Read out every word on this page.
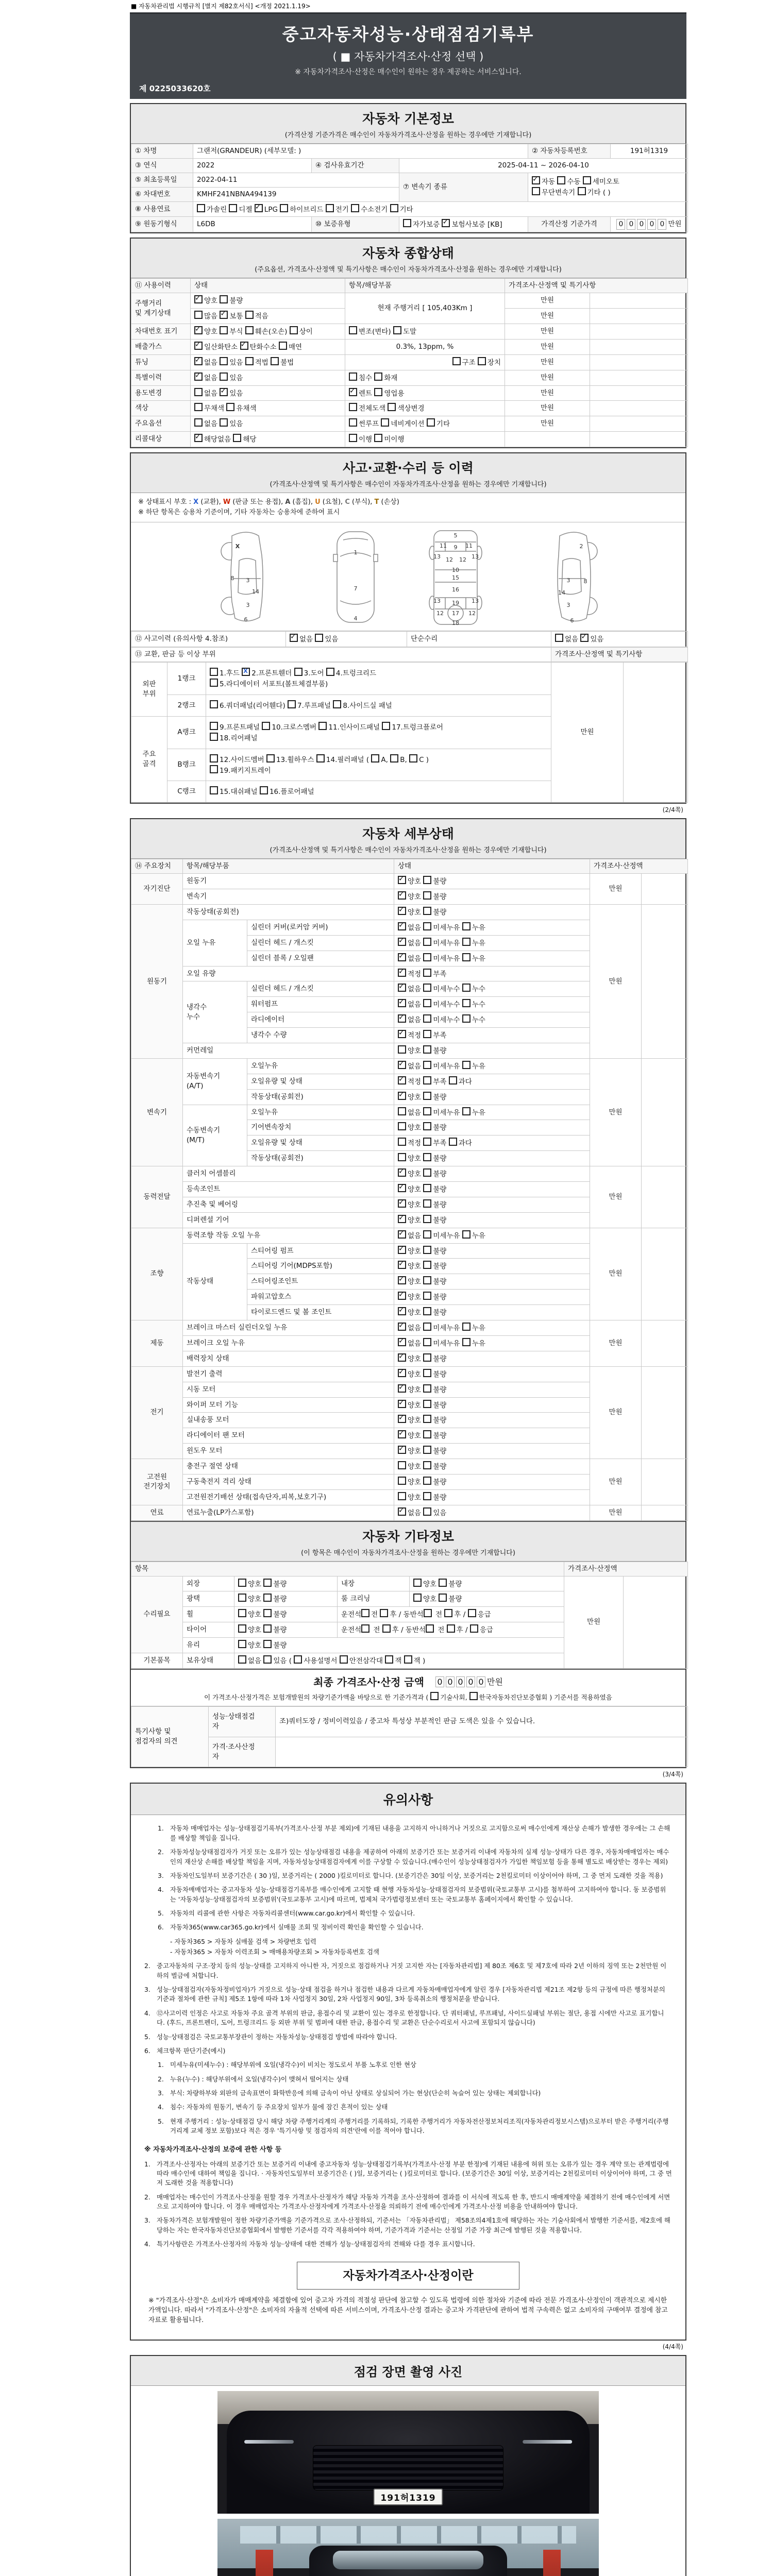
■ 자동차관리법 시행규칙 [별지 제82호서식] <개정 2021.1.19>
중고자동차성능·상태점검기록부
( ■ 자동차가격조사·산정 선택 )
※ 자동차가격조사·산정은 매수인이 원하는 경우 제공하는 서비스입니다.
제 0225033620호
자동차 기본정보
(가격산정 기준가격은 매수인이 자동차가격조사·산정을 원하는 경우에만 기재합니다)
① 차명	그랜저(GRANDEUR) (세부모델: )			② 자동차등록번호	191허1319
③ 연식	2022	④ 검사유효기간	2025-04-11 ~ 2026-04-10		
⑤ 최초등록일	2022-04-11		⑦ 변속기 종류	✓자동 수동 세미오토
무단변속기 기타 ( )
⑥ 차대번호	KMHF241NBNA494139				
⑧ 사용연료	가솔린 디젤 ✓LPG 하이브리드 전기 수소전기 기타
⑨ 원동기형식	L6DB	⑩ 보증유형	자가보증 ✓보험사보증 [KB]	가격산정 기준가격	0 0 0 0 0 만원
자동차 종합상태
(주요옵션, 가격조사·산정액 및 특기사항은 매수인이 자동차가격조사·산정을 원하는 경우에만 기재합니다)
⑪ 사용이력	상태	항목/해당부품	가격조사·산정액 및 특기사항	
주행거리
및 계기상태	✓양호 불량	현재 주행거리 [ 105,403Km ]	만원	
	많음 ✓보통 적음		만원	
차대번호 표기	✓양호 부식 훼손(오손) 상이	변조(변타) 도말	만원	
배출가스	✓일산화탄소 ✓탄화수소 매연	0.3%, 13ppm, %	만원	
튜닝	✓없음 있음 적법 불법	구조 장치	만원	
특별이력	✓없음 있음	침수 화재	만원	
용도변경	없음 ✓있음	✓렌트 영업용	만원	
색상	무채색 유채색	전체도색 색상변경	만원	
주요옵션	없음 있음	썬루프 네비게이션 기타	만원	
리콜대상	✓해당없음 해당	이행 미이행		
사고·교환·수리 등 이력
(가격조사·산정액 및 특기사항은 매수인이 자동차가격조사·산정을 원하는 경우에만 기재합니다)
※ 상태표시 부호 : X (교환), W (판금 또는 용접), A (흠집), U (요철), C (부식), T (손상)
※ 하단 항목은 승용차 기준이며, 기타 자동차는 승용차에 준하여 표시
X
8 3
14
3
6
1
7
4
5
11 9 11
13 12 12 13
10
15
16
13 19 13
12 17 12
18
2
3 8
14
3
6
⑫ 사고이력 (유의사항 4.참조)	✓없음 있음	단순수리	없음 ✓있음
⑬ 교환, 판금 등 이상 부위	가격조사·산정액 및 특기사항
외판
부위	1랭크	1.후드 X2.프론트휀더 3.도어 4.트렁크리드
5.라디에이터 서포트(볼트체결부품)	만원	
	2랭크	6.쿼더패널(리어휀다) 7.루프패널 8.사이드실 패널		
주요
골격	A랭크	9.프론트패널 10.크로스멤버 11.인사이드패널 17.트렁크플로어
18.리어패널		
	B랭크	12.사이드멤버 13.휠하우스 14.필러패널 ( A, B, C )
19.패키지트레이		
	C랭크	15.대쉬패널 16.플로어패널		
(2/4쪽)
자동차 세부상태
(가격조사·산정액 및 특기사항은 매수인이 자동차가격조사·산정을 원하는 경우에만 기재합니다)
⑭ 주요장치	항목/해당부품		상태	가격조사·산정액	
자기진단	원동기	✓양호 불량	만원	
	변속기	✓양호 불량
원동기	작동상태(공회전)	✓양호 불량	만원	
	오일 누유	실린더 커버(로커암 커버)	✓없음 미세누유 누유
		실린더 헤드 / 개스킷	✓없음 미세누유 누유
		실린더 블록 / 오일팬	✓없음 미세누유 누유
	오일 유량	✓적정 부족
	냉각수
누수	실린더 헤드 / 개스킷	✓없음 미세누수 누수
		워터펌프	✓없음 미세누수 누수
		라디에이터	✓없음 미세누수 누수
		냉각수 수량	✓적정 부족
	커먼레일		양호 불량		
변속기	자동변속기
(A/T)	오일누유	✓없음 미세누유 누유	만원	
		오일유량 및 상태	✓적정 부족 과다
		작동상태(공회전)	✓양호 불량
	수동변속기
(M/T)	오일누유	없음 미세누유 누유		
		기어변속장치	양호 불량		
		오일유량 및 상태	적정 부족 과다		
		작동상태(공회전)	양호 불량		
동력전달	클러치 어셈블리	✓양호 불량	만원	
	등속조인트	✓양호 불량
	추진축 및 베어링	✓양호 불량
	디퍼렌셜 기어	✓양호 불량
조향	동력조향 작동 오일 누유	✓없음 미세누유 누유	만원	
	작동상태	스티어링 펌프	✓양호 불량
		스티어링 기어(MDPS포함)	✓양호 불량
		스티어링조인트	✓양호 불량
		파워고압호스	✓양호 불량
		타이로드엔드 및 볼 조인트	✓양호 불량
제동	브레이크 마스터 실린더오일 누유	✓없음 미세누유 누유	만원	
	브레이크 오일 누유	✓없음 미세누유 누유
	배력장치 상태	✓양호 불량
전기	발전기 출력	✓양호 불량	만원	
	시동 모터	✓양호 불량
	와이퍼 모터 기능	✓양호 불량
	실내송풍 모터	✓양호 불량
	라디에이터 팬 모터	✓양호 불량
	윈도우 모터	✓양호 불량
고전원
전기장치	충전구 절연 상태		양호 불량	만원	
	구동축전지 격리 상태		양호 불량		
	고전원전기배선 상태(접속단자,피복,보호기구)		양호 불량		
연료	연료누출(LP가스포함)	✓없음 있음	만원	
자동차 기타정보
(이 항목은 매수인이 자동차가격조사·산정을 원하는 경우에만 기재합니다)
항목					가격조사·산정액	
수리필요	외장	양호 불량	내장	양호 불량	만원	
	광택	양호 불량	룸 크리닝	양호 불량		
	휠	양호 불량	운전석 전 후 / 동반석 전 후 / 응급			
	타이어	양호 불량	운전석 전 후 / 동반석 전 후 / 응급			
	유리	양호 불량				
기본품목	보유상태	없음 있음 ( 사용설명서 안전삼각대 잭 잭 )				
최종 가격조사·산정 금액 0 0 0 0 0 만원
이 가격조사·산정가격은 보험개발원의 차량기준가액을 바탕으로 한 기준가격과 ( 기술사회, 한국자동차진단보증협회 ) 기준서를 적용하였음
특기사항 및
점검자의 의견	성능·상태점검
자	조)쿼터도장 / 정비이력있음 / 중고차 특성상 부분적인 판금 도색은 있을 수 있습니다.
	가격·조사산정
자	
(3/4쪽)
유의사항
1. 자동차 매매업자는 성능·상태점검기록부(가격조사·산정 부분 제외)에 기재된 내용을 고지하지 아니하거나 거짓으로 고지함으로써 매수인에게 재산상 손해가 발생한 경우에는 그 손해를 배상할 책임을 집니다.
2. 자동차성능상태점검자가 거짓 또는 오류가 있는 성능상태점검 내용을 제공하여 아래의 보증기간 또는 보증거리 이내에 자동차의 실제 성능·상태가 다른 경우, 자동차매매업자는 매수인의 재산상 손해를 배상할 책임을 지며, 자동차성능상태점검자에게 이를 구상할 수 있습니다.(매수인이 성능상태점검자가 가입한 책임보험 등을 통해 별도로 배상받는 경우는 제외)
3. 자동차인도일부터 보증기간은 ( 30 )일, 보증거리는 ( 2000 )킬로미터로 합니다. (보증기간은 30일 이상, 보증거리는 2천킬로미터 이상이어야 하며, 그 중 먼저 도래한 것을 적용)
4. 자동차매매업자는 중고자동차 성능·상태점검기록부를 매수인에게 고지할 때 현행 자동차성능·상태점검자의 보증범위(국토교통부 고시)를 첨부하여 고지하여야 합니다. 동 보증범위는 '자동차성능·상태점검자의 보증범위'(국토교통부 고시)에 따르며, 법제처 국가법령정보센터 또는 국토교통부 홈페이지에서 확인할 수 있습니다.
5. 자동차의 리콜에 관한 사항은 자동차리콜센터(www.car.go.kr)에서 확인할 수 있습니다.
6. 자동차365(www.car365.go.kr)에서 실매물 조회 및 정비이력 확인을 확인할 수 있습니다.
- 자동차365 > 자동차 실매물 검색 > 차량번호 입력
- 자동차365 > 자동차 이력조회 > 매매용차량조회 > 자동차등록번호 검색
2. 중고자동차의 구조·장치 등의 성능·상태를 고지하지 아니한 자, 거짓으로 점검하거나 거짓 고지한 자는 [자동차관리법] 제 80조 제6호 및 제7호에 따라 2년 이하의 징역 또는 2천만원 이하의 벌금에 처합니다.
3. 성능·상태점검자(자동차정비업자)가 거짓으로 성능·상태 점검을 하거나 점검한 내용과 다르게 자동차매매업자에게 알린 경우 [자동차관리법 제21조 제2항 등의 규정에 따른 행정처분의 기준과 절차에 관한 규칙] 제5조 1항에 따라 1차 사업정지 30일, 2차 사업정지 90일, 3차 등록취소의 행정처분을 받습니다.
4. ⑫사고이력 인정은 사고로 자동차 주요 골격 부위의 판금, 용접수리 및 교환이 있는 경우로 한정합니다. 단 쿼터패널, 루프패널, 사이드실패널 부위는 절단, 용접 시에만 사고로 표기합니다. (후드, 프론트펜더, 도어, 트렁크리드 등 외판 부위 및 범퍼에 대한 판금, 용접수리 및 교환은 단순수리로서 사고에 포함되지 않습니다)
5. 성능·상태점검은 국토교통부장관이 정하는 자동차성능·상태점검 방법에 따라야 합니다.
6. 체크항목 판단기준(예시)
1. 미세누유(미세누수) : 해당부위에 오일(냉각수)이 비치는 정도로서 부품 노후로 인한 현상
2. 누유(누수) : 해당부위에서 오일(냉각수)이 맺혀서 떨어지는 상태
3. 부식: 차량하부와 외판의 금속표면이 화학반응에 의해 금속이 아닌 상태로 상실되어 가는 현상(단순히 녹슬어 있는 상태는 제외합니다)
4. 침수: 자동차의 원동기, 변속기 등 주요장치 일부가 물에 잠긴 흔적이 있는 상태
5. 현재 주행거리 : 성능·상태점검 당시 해당 차량 주행거리계의 주행거리를 기록하되, 기록한 주행거리가 자동차전산정보처리조직(자동차관리정보시스템)으로부터 받은 주행거리(주행거리계 교체 정보 포함)보다 적은 경우 '특기사항 및 점검자의 의견'란에 이를 적어야 합니다.
※ 자동차가격조사·산정의 보증에 관한 사항 등
1. 가격조사·산정자는 아래의 보증기간 또는 보증거리 이내에 중고자동차 성능·상태점검기록부(가격조사·산정 부분 한정)에 기재된 내용에 허위 또는 오류가 있는 경우 계약 또는 관계법령에 따라 매수인에 대하여 책임을 집니다. · 자동차인도일부터 보증기간은 ( )일, 보증거리는 ( )킬로미터로 합니다. (보증기간은 30일 이상, 보증거리는 2천킬로미터 이상이어야 하며, 그 중 먼저 도래한 것을 적용합니다)
2. 매매업자는 매수인이 가격조사·산정을 원할 경우 가격조사·산정자가 해당 자동차 가격을 조사·산정하여 결과를 이 서식에 적도록 한 후, 반드시 매매계약을 체결하기 전에 매수인에게 서면으로 고지하여야 합니다. 이 경우 매매업자는 가격조사·산정자에게 가격조사·산정을 의뢰하기 전에 매수인에게 가격조사·산정 비용을 안내하여야 합니다.
3. 자동차가격은 보험개발원이 정한 차량기준가액을 기준가격으로 조사·산정하되, 기준서는 「자동차관리법」 제58조의4제1호에 해당하는 자는 기술사회에서 발행한 기준서를, 제2호에 해당하는 자는 한국자동차진단보증협회에서 발행한 기준서를 각각 적용하여야 하며, 기준가격과 기준서는 산정일 기준 가장 최근에 발행된 것을 적용합니다.
4. 특기사항란은 가격조사·산정자의 자동차 성능·상태에 대한 견해가 성능·상태점검자의 견해와 다를 경우 표시합니다.
자동차가격조사·산정이란
※ "가격조사·산정"은 소비자가 매매계약을 체결함에 있어 중고차 가격의 적절성 판단에 참고할 수 있도록 법령에 의한 절차와 기준에 따라 전문 가격조사·산정인이 객관적으로 제시한 가액입니다. 따라서 "가격조사·산정"은 소비자의 자율적 선택에 따른 서비스이며, 가격조사·산정 결과는 중고차 가격판단에 관하여 법적 구속력은 없고 소비자의 구매여부 결정에 참고자료로 활용됩니다.
(4/4쪽)
점검 장면 촬영 사진
191허1319
